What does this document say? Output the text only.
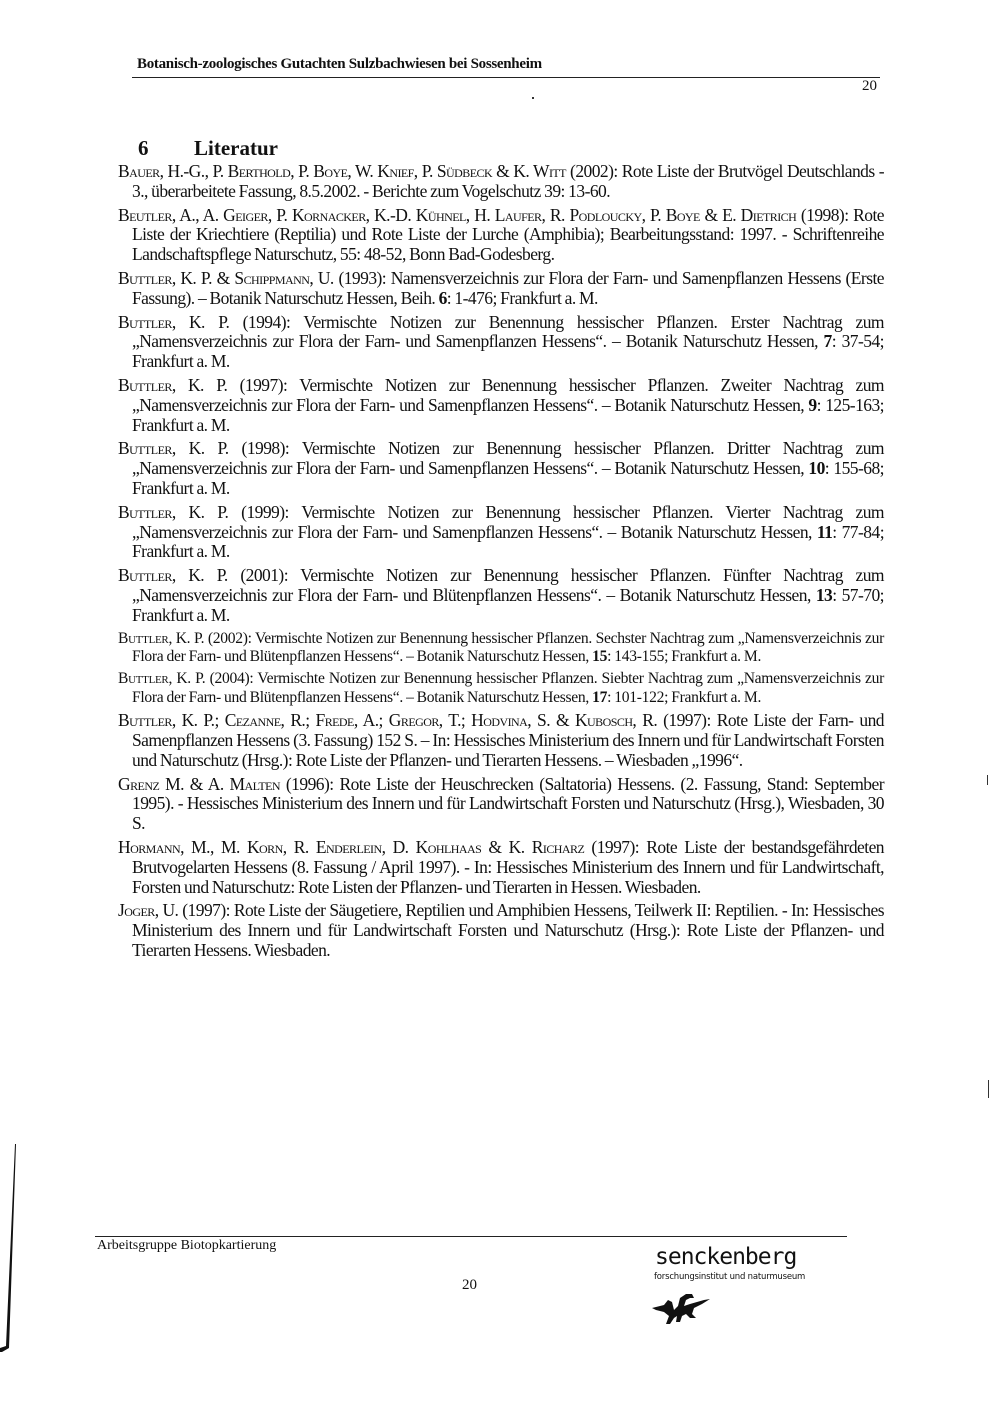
Botanisch-zoologisches Gutachten Sulzbachwiesen bei Sossenheim
20
6 Literatur

Bauer, H.-G., P. Berthold, P. Boye, W. Knief, P. Südbeck & K. Witt (2002): Rote Liste der Brutvögel Deutschlands - 3., überarbeitete Fassung, 8.5.2002. - Berichte zum Vogelschutz 39: 13-60.

Beutler, A., A. Geiger, P. Kornacker, K.-D. Kühnel, H. Laufer, R. Podloucky, P. Boye & E. Dietrich (1998): Rote Liste der Kriechtiere (Reptilia) und Rote Liste der Lurche (Amphibia); Bearbeitungsstand: 1997. - Schriftenreihe Landschaftspflege Naturschutz, 55: 48-52, Bonn Bad-Godesberg.

Buttler, K. P. & Schippmann, U. (1993): Namensverzeichnis zur Flora der Farn- und Samenpflanzen Hessens (Erste Fassung). – Botanik Naturschutz Hessen, Beih. 6: 1-476; Frankfurt a. M.

Buttler, K. P. (1994): Vermischte Notizen zur Benennung hessischer Pflanzen. Erster Nachtrag zum „Namensverzeichnis zur Flora der Farn- und Samenpflanzen Hessens“. – Botanik Naturschutz Hessen, 7: 37-54; Frankfurt a. M.

Buttler, K. P. (1997): Vermischte Notizen zur Benennung hessischer Pflanzen. Zweiter Nachtrag zum „Namensverzeichnis zur Flora der Farn- und Samenpflanzen Hessens“. – Botanik Naturschutz Hessen, 9: 125-163; Frankfurt a. M.

Buttler, K. P. (1998): Vermischte Notizen zur Benennung hessischer Pflanzen. Dritter Nachtrag zum „Namensverzeichnis zur Flora der Farn- und Samenpflanzen Hessens“. – Botanik Naturschutz Hessen, 10: 155-68; Frankfurt a. M.

Buttler, K. P. (1999): Vermischte Notizen zur Benennung hessischer Pflanzen. Vierter Nachtrag zum „Namensverzeichnis zur Flora der Farn- und Samenpflanzen Hessens“. – Botanik Naturschutz Hessen, 11: 77-84; Frankfurt a. M.

Buttler, K. P. (2001): Vermischte Notizen zur Benennung hessischer Pflanzen. Fünfter Nachtrag zum „Namensverzeichnis zur Flora der Farn- und Blütenpflanzen Hessens“. – Botanik Naturschutz Hessen, 13: 57-70; Frankfurt a. M.

Buttler, K. P. (2002): Vermischte Notizen zur Benennung hessischer Pflanzen. Sechster Nachtrag zum „Namensverzeichnis zur Flora der Farn- und Blütenpflanzen Hessens“. – Botanik Naturschutz Hessen, 15: 143-155; Frankfurt a. M.

Buttler, K. P. (2004): Vermischte Notizen zur Benennung hessischer Pflanzen. Siebter Nachtrag zum „Namensverzeichnis zur Flora der Farn- und Blütenpflanzen Hessens“. – Botanik Naturschutz Hessen, 17: 101-122; Frankfurt a. M.

Buttler, K. P.; Cezanne, R.; Frede, A.; Gregor, T.; Hodvina, S. & Kubosch, R. (1997): Rote Liste der Farn- und Samenpflanzen Hessens (3. Fassung) 152 S. – In: Hessisches Ministerium des Innern und für Landwirtschaft Forsten und Naturschutz (Hrsg.): Rote Liste der Pflanzen- und Tierarten Hessens. – Wiesbaden „1996“.

Grenz M. & A. Malten (1996): Rote Liste der Heuschrecken (Saltatoria) Hessens. (2. Fassung, Stand: September 1995). - Hessisches Ministerium des Innern und für Landwirtschaft Forsten und Naturschutz (Hrsg.), Wiesbaden, 30 S.

Hormann, M., M. Korn, R. Enderlein, D. Kohlhaas & K. Richarz (1997): Rote Liste der bestandsgefährdeten Brutvogelarten Hessens (8. Fassung / April 1997). - In: Hessisches Ministerium des Innern und für Landwirtschaft, Forsten und Naturschutz: Rote Listen der Pflanzen- und Tierarten in Hessen. Wiesbaden.

Joger, U. (1997): Rote Liste der Säugetiere, Reptilien und Amphibien Hessens, Teilwerk II: Reptilien. - In: Hessisches Ministerium des Innern und für Landwirtschaft Forsten und Naturschutz (Hrsg.): Rote Liste der Pflanzen- und Tierarten Hessens. Wiesbaden.

Arbeitsgruppe Biotopkartierung
20
senckenberg
forschungsinstitut und naturmuseum
